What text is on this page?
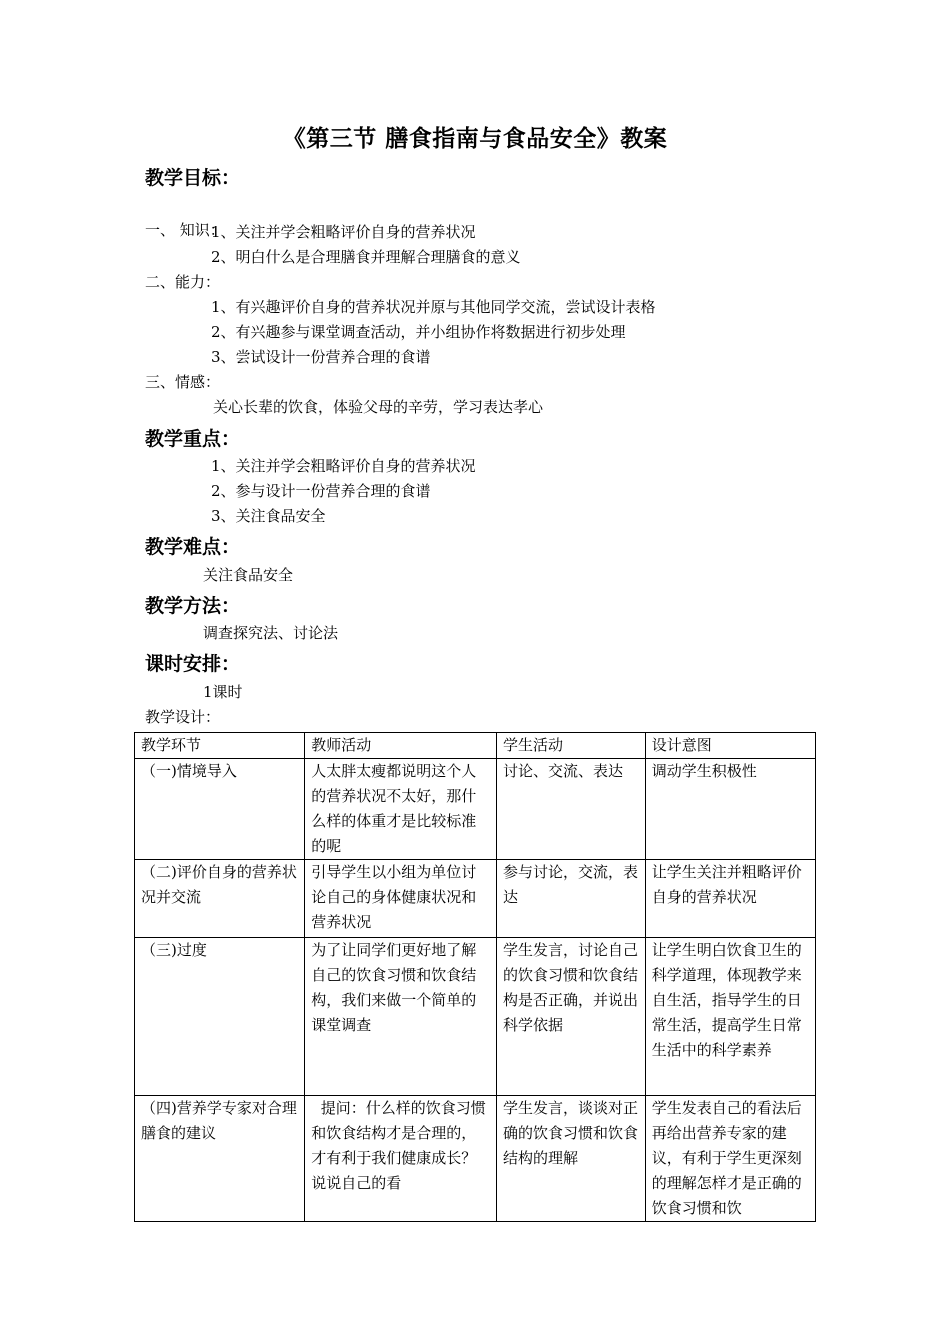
《第三节 膳食指南与食品安全》教案
教学目标：
一、 知识：
1、关注并学会粗略评价自身的营养状况
2、明白什么是合理膳食并理解合理膳食的意义
二、能力：
1、有兴趣评价自身的营养状况并原与其他同学交流，尝试设计表格
2、有兴趣参与课堂调查活动，并小组协作将数据进行初步处理
3、尝试设计一份营养合理的食谱
三、情感：
关心长辈的饮食，体验父母的辛劳，学习表达孝心
教学重点：
1、关注并学会粗略评价自身的营养状况
2、参与设计一份营养合理的食谱
3、关注食品安全
教学难点：
关注食品安全
教学方法：
调查探究法、讨论法
课时安排：
1课时
教学设计：
教学环节	教师活动	学生活动	设计意图
（一)情境导入	人太胖太瘦都说明这个人的营养状况不太好，那什么样的体重才是比较标准的呢	讨论、交流、表达	调动学生积极性
（二)评价自身的营养状况并交流	引导学生以小组为单位讨论自己的身体健康状况和营养状况	参与讨论，交流，表达	让学生关注并粗略评价自身的营养状况
（三)过度	为了让同学们更好地了解自己的饮食习惯和饮食结构，我们来做一个简单的课堂调查	学生发言，讨论自己的饮食习惯和饮食结构是否正确，并说出科学依据	让学生明白饮食卫生的科学道理，体现教学来自生活，指导学生的日常生活，提高学生日常生活中的科学素养
（四)营养学专家对合理膳食的建议	提问：什么样的饮食习惯和饮食结构才是合理的，才有利于我们健康成长？说说自己的看	学生发言，谈谈对正确的饮食习惯和饮食结构的理解	学生发表自己的看法后再给出营养专家的建议，有利于学生更深刻的理解怎样才是正确的饮食习惯和饮
